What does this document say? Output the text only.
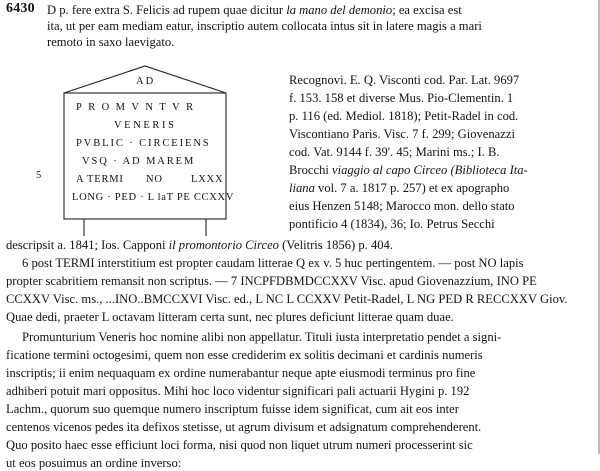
6430 D p. fere extra S. Felicis ad rupem quae dicitur la mano del demonio; ea excisa est
ita, ut per eam mediam eatur, inscriptio autem collocata intus sit in latere magis a mari
remoto in saxo laevigato.
AD
PROMVNTVR
VENERIS
PVBLIC · CIRCEIENS
VSQ · AD MAREM
A TERMI NO	LXXX
LONG · PED · L laT PE CCXXV
5
Recognovi. E. Q. Visconti cod. Par. Lat. 9697
f. 153. 158 et diverse Mus. Pio-Clementin. 1
p. 116 (ed. Mediol. 1818); Petit-Radel in cod.
Viscontiano Paris. Visc. 7 f. 299; Giovenazzi
cod. Vat. 9144 f. 39'. 45; Marini ms.; I. B.
Brocchi viaggio al capo Circeo (Biblioteca Ita-
liana vol. 7 a. 1817 p. 257) et ex apographo
eius Henzen 5148; Marocco mon. dello stato
pontificio 4 (1834), 36; Io. Petrus Secchi
descripsit a. 1841; Ios. Capponi il promontorio Circeo (Velitris 1856) p. 404.
6 post TERMI interstitium est propter caudam litterae Q ex v. 5 huc pertingentem. — post NO lapis
propter scabritiem remansit non scriptus. — 7 INCPFDBMDCCXXV Visc. apud Giovenazzium, INO PE
CCXXV Visc. ms., ...INO..BMCCXVI Visc. ed., L NC L CCXXV Petit-Radel, L NG PED R RECCXXV Giov.
Quae dedi, praeter L octavam litteram certa sunt, nec plures deficiunt litterae quam duae.
Promunturium Veneris hoc nomine alibi non appellatur. Tituli iusta interpretatio pendet a signi-
ficatione termini octogesimi, quem non esse crediderim ex solitis decimani et cardinis numeris
inscriptis; ii enim nequaquam ex ordine numerabantur neque apte eiusmodi terminus pro fine
adhiberi potuit mari oppositus. Mihi hoc loco videntur significari pali actuarii Hygini p. 192
Lachm., quorum suo quemque numero inscriptum fuisse idem significat, cum ait eos inter
centenos vicenos pedes ita defixos stetisse, ut agrum divisum et adsignatum comprehenderent.
Quo posito haec esse efficiunt loci forma, nisi quod non liquet utrum numeri processerint sic
ut eos posuimus an ordine inverso:
